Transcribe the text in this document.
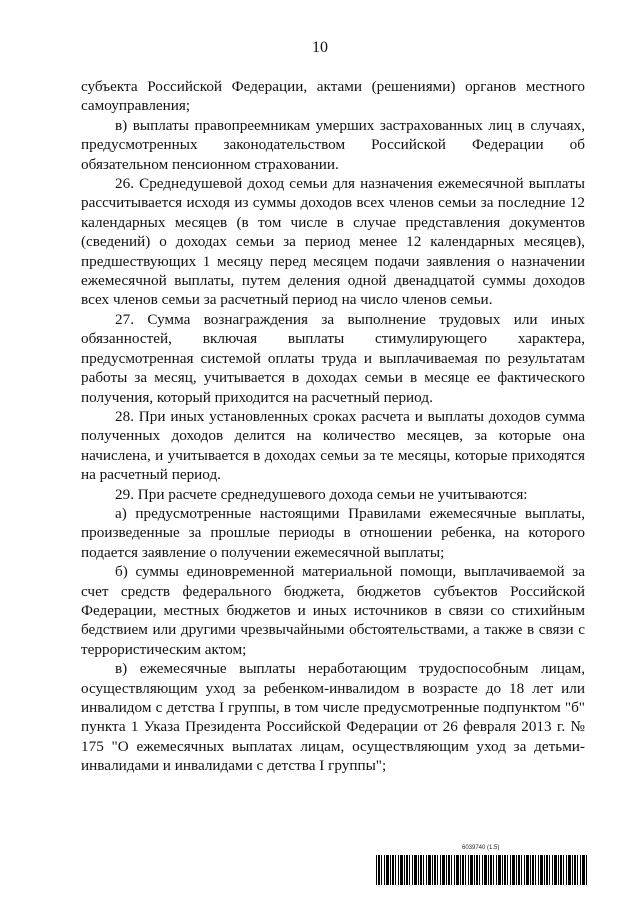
10

субъекта Российской Федерации, актами (решениями) органов местного самоуправления;

в) выплаты правопреемникам умерших застрахованных лиц в случаях, предусмотренных законодательством Российской Федерации об обязательном пенсионном страховании.

26. Среднедушевой доход семьи для назначения ежемесячной выплаты рассчитывается исходя из суммы доходов всех членов семьи за последние 12 календарных месяцев (в том числе в случае представления документов (сведений) о доходах семьи за период менее 12 календарных месяцев), предшествующих 1 месяцу перед месяцем подачи заявления о назначении ежемесячной выплаты, путем деления одной двенадцатой суммы доходов всех членов семьи за расчетный период на число членов семьи.

27. Сумма вознаграждения за выполнение трудовых или иных обязанностей, включая выплаты стимулирующего характера, предусмотренная системой оплаты труда и выплачиваемая по результатам работы за месяц, учитывается в доходах семьи в месяце ее фактического получения, который приходится на расчетный период.

28. При иных установленных сроках расчета и выплаты доходов сумма полученных доходов делится на количество месяцев, за которые она начислена, и учитывается в доходах семьи за те месяцы, которые приходятся на расчетный период.

29. При расчете среднедушевого дохода семьи не учитываются:

а) предусмотренные настоящими Правилами ежемесячные выплаты, произведенные за прошлые периоды в отношении ребенка, на которого подается заявление о получении ежемесячной выплаты;

б) суммы единовременной материальной помощи, выплачиваемой за счет средств федерального бюджета, бюджетов субъектов Российской Федерации, местных бюджетов и иных источников в связи со стихийным бедствием или другими чрезвычайными обстоятельствами, а также в связи с террористическим актом;

в) ежемесячные выплаты неработающим трудоспособным лицам, осуществляющим уход за ребенком-инвалидом в возрасте до 18 лет или инвалидом с детства I группы, в том числе предусмотренные подпунктом "б" пункта 1 Указа Президента Российской Федерации от 26 февраля 2013 г. № 175 "О ежемесячных выплатах лицам, осуществляющим уход за детьми-инвалидами и инвалидами с детства I группы";

6039740 (1.5)
